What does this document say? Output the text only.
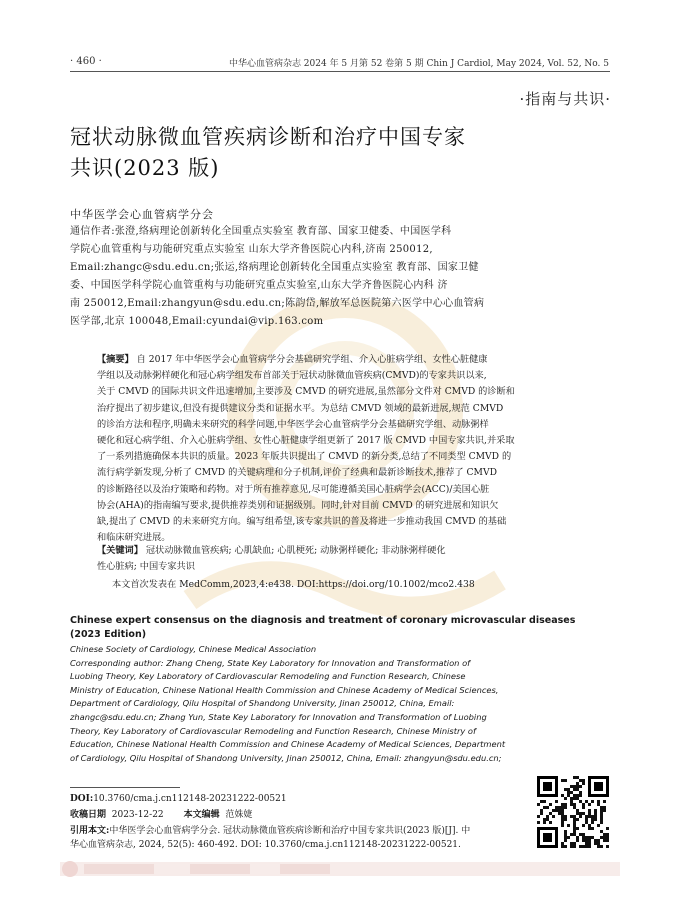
· 460 ·	中华心血管病杂志 2024 年 5 月第 52 卷第 5 期 Chin J Cardiol, May 2024, Vol. 52, No. 5
·指南与共识·
冠状动脉微血管疾病诊断和治疗中国专家
共识(2023 版)
中华医学会心血管病学分会
通信作者:张澄,络病理论创新转化全国重点实验室 教育部、国家卫健委、中国医学科
学院心血管重构与功能研究重点实验室 山东大学齐鲁医院心内科,济南 250012,
Email:zhangc@sdu.edu.cn;张运,络病理论创新转化全国重点实验室 教育部、国家卫健
委、中国医学科学院心血管重构与功能研究重点实验室,山东大学齐鲁医院心内科 济
南 250012,Email:zhangyun@sdu.edu.cn;陈韵岱,解放军总医院第六医学中心心血管病
医学部,北京 100048,Email:cyundai@vip.163.com
【摘要】 自 2017 年中华医学会心血管病学分会基础研究学组、介入心脏病学组、女性心脏健康
学组以及动脉粥样硬化和冠心病学组发布首部关于冠状动脉微血管疾病(CMVD)的专家共识以来,
关于 CMVD 的国际共识文件迅速增加,主要涉及 CMVD 的研究进展,虽然部分文件对 CMVD 的诊断和
治疗提出了初步建议,但没有提供建议分类和证据水平。为总结 CMVD 领域的最新进展,规范 CMVD
的诊治方法和程序,明确未来研究的科学问题,中华医学会心血管病学分会基础研究学组、动脉粥样
硬化和冠心病学组、介入心脏病学组、女性心脏健康学组更新了 2017 版 CMVD 中国专家共识,并采取
了一系列措施确保本共识的质量。2023 年版共识提出了 CMVD 的新分类,总结了不同类型 CMVD 的
流行病学新发现,分析了 CMVD 的关键病理和分子机制,评价了经典和最新诊断技术,推荐了 CMVD
的诊断路径以及治疗策略和药物。对于所有推荐意见,尽可能遵循美国心脏病学会(ACC)/美国心脏
协会(AHA)的指南编写要求,提供推荐类别和证据级别。同时,针对目前 CMVD 的研究进展和知识欠
缺,提出了 CMVD 的未来研究方向。编写组希望,该专家共识的普及将进一步推动我国 CMVD 的基础
和临床研究进展。
【关键词】 冠状动脉微血管疾病; 心肌缺血; 心肌梗死; 动脉粥样硬化; 非动脉粥样硬化
性心脏病; 中国专家共识
本文首次发表在 MedComm,2023,4:e438. DOI:https://doi.org/10.1002/mco2.438
Chinese expert consensus on the diagnosis and treatment of coronary microvascular diseases
(2023 Edition)
Chinese Society of Cardiology, Chinese Medical Association
Corresponding author: Zhang Cheng, State Key Laboratory for Innovation and Transformation of
Luobing Theory, Key Laboratory of Cardiovascular Remodeling and Function Research, Chinese
Ministry of Education, Chinese National Health Commission and Chinese Academy of Medical Sciences,
Department of Cardiology, Qilu Hospital of Shandong University, Jinan 250012, China, Email:
zhangc@sdu.edu.cn; Zhang Yun, State Key Laboratory for Innovation and Transformation of Luobing
Theory, Key Laboratory of Cardiovascular Remodeling and Function Research, Chinese Ministry of
Education, Chinese National Health Commission and Chinese Academy of Medical Sciences, Department
of Cardiology, Qilu Hospital of Shandong University, Jinan 250012, China, Email: zhangyun@sdu.edu.cn;
DOI:10.3760/cma.j.cn112148-20231222-00521
收稿日期 2023-12-22 本文编辑 范姝婕
引用本文:中华医学会心血管病学分会. 冠状动脉微血管疾病诊断和治疗中国专家共识(2023 版)[J]. 中
华心血管病杂志, 2024, 52(5): 460-492. DOI: 10.3760/cma.j.cn112148-20231222-00521.
